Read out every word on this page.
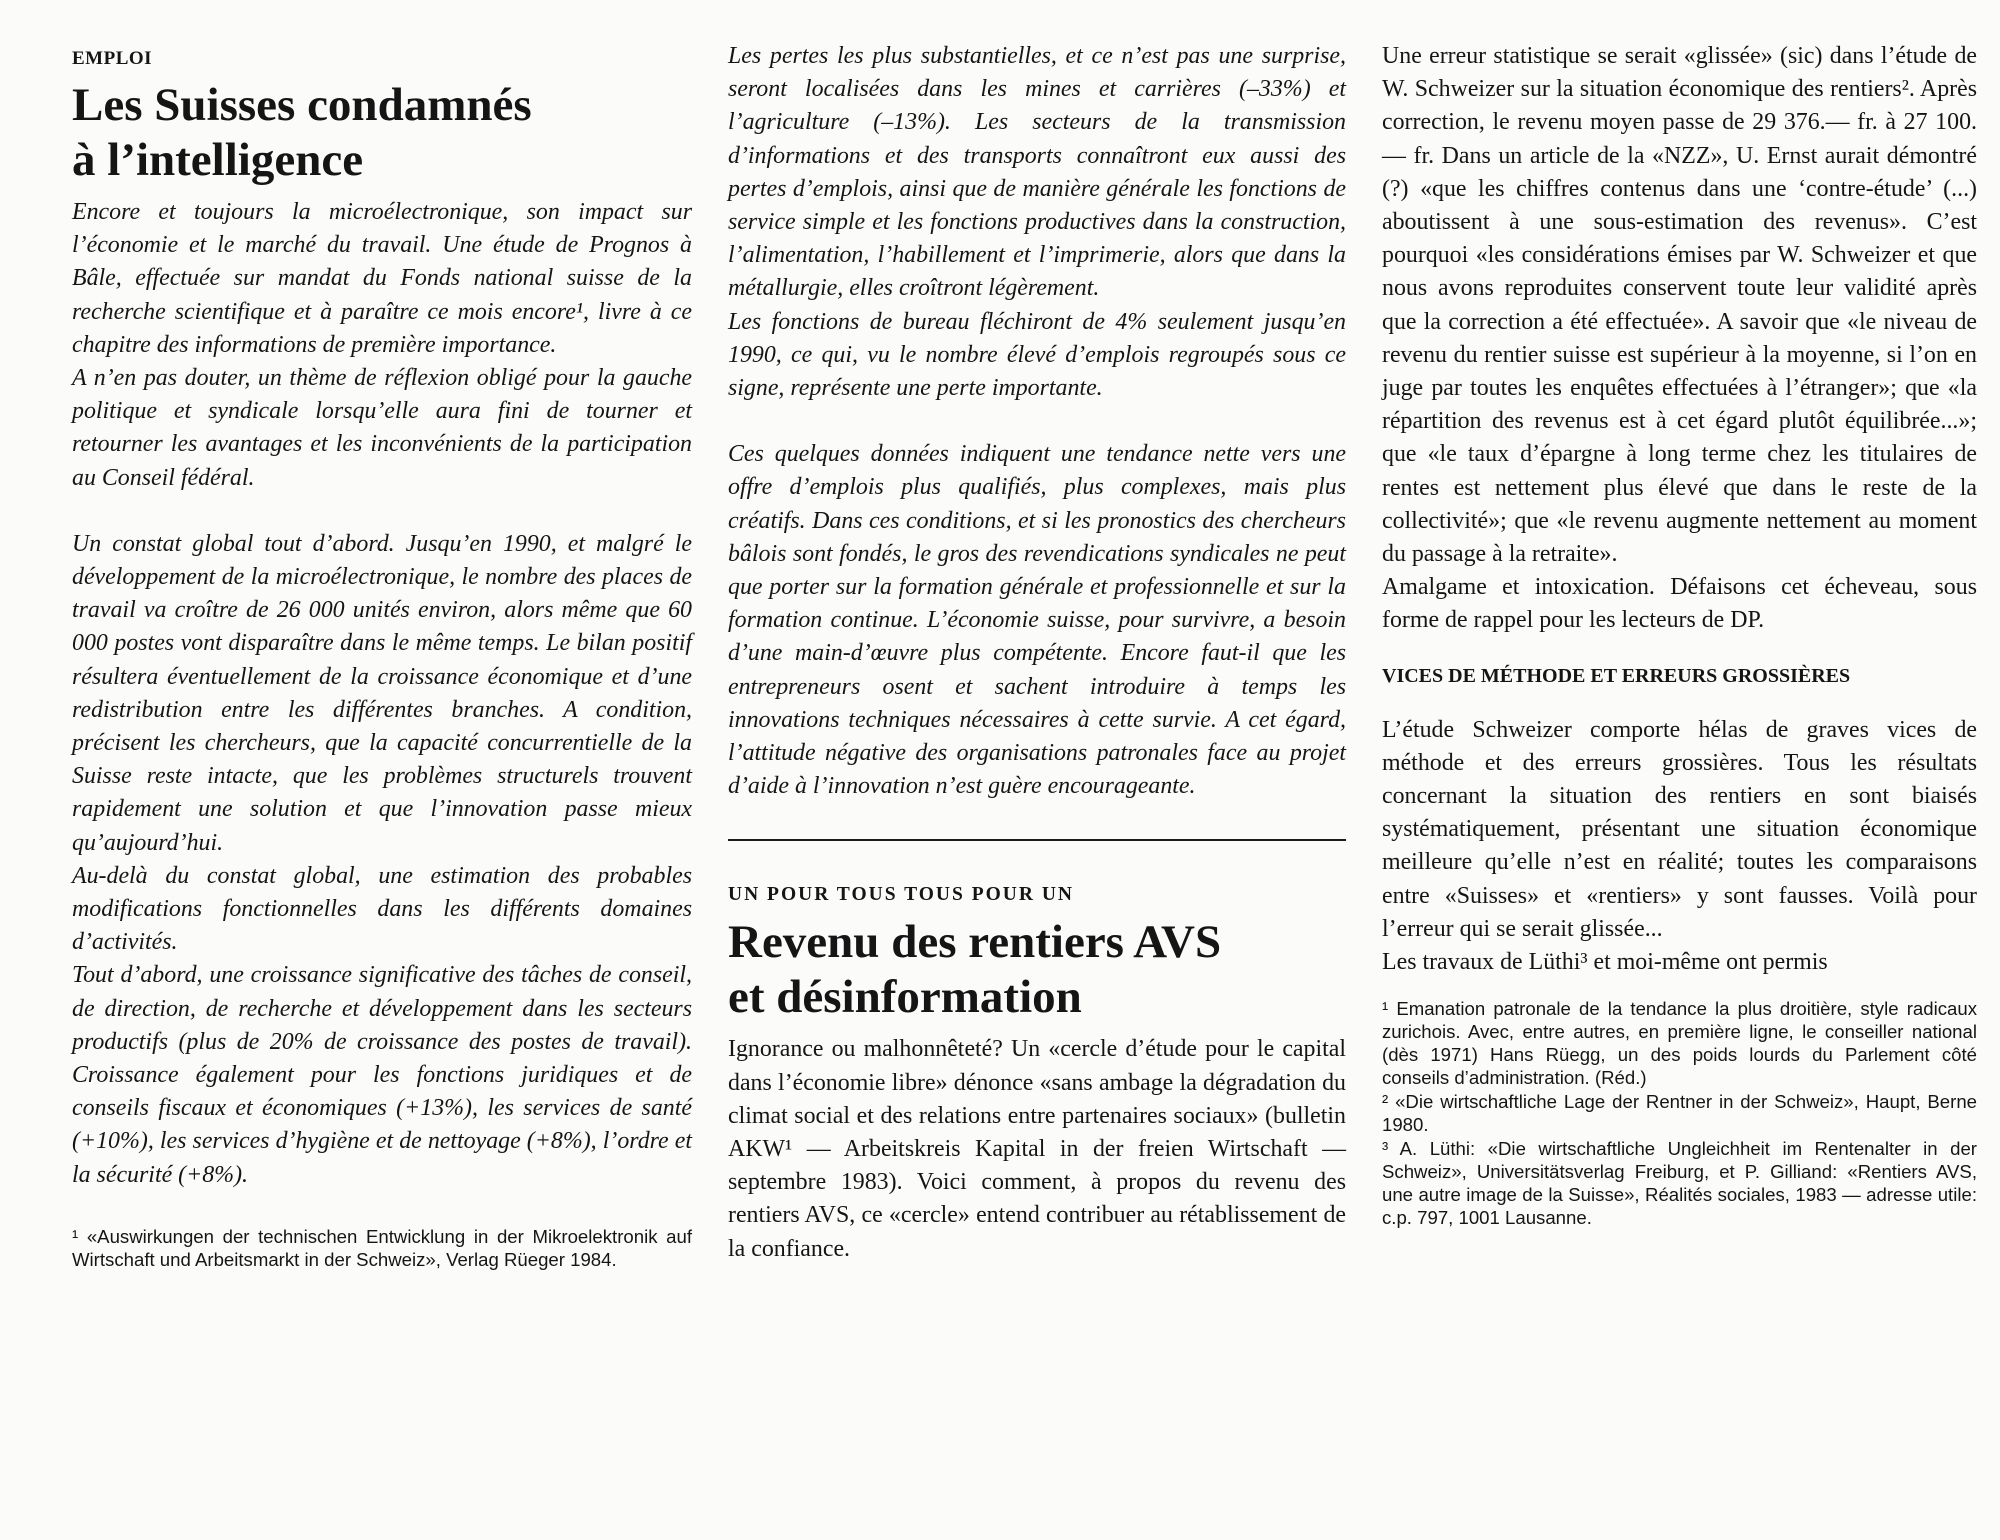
EMPLOI
Les Suisses condamnés
à l’intelligence

Encore et toujours la microélectronique, son impact sur l’économie et le marché du travail. Une étude de Prognos à Bâle, effectuée sur mandat du Fonds national suisse de la recherche scientifique et à paraître ce mois encore¹, livre à ce chapitre des informations de première importance.

A n’en pas douter, un thème de réflexion obligé pour la gauche politique et syndicale lorsqu’elle aura fini de tourner et retourner les avantages et les inconvénients de la participation au Conseil fédéral.

Un constat global tout d’abord. Jusqu’en 1990, et malgré le développement de la microélectronique, le nombre des places de travail va croître de 26 000 unités environ, alors même que 60 000 postes vont disparaître dans le même temps. Le bilan positif résultera éventuellement de la croissance économique et d’une redistribution entre les différentes branches. A condition, précisent les chercheurs, que la capacité concurrentielle de la Suisse reste intacte, que les problèmes structurels trouvent rapidement une solution et que l’innovation passe mieux qu’aujourd’hui.

Au-delà du constat global, une estimation des probables modifications fonctionnelles dans les différents domaines d’activités.

Tout d’abord, une croissance significative des tâches de conseil, de direction, de recherche et développement dans les secteurs productifs (plus de 20% de croissance des postes de travail). Croissance également pour les fonctions juridiques et de conseils fiscaux et économiques (+13%), les services de santé (+10%), les services d’hygiène et de nettoyage (+8%), l’ordre et la sécurité (+8%).

¹ «Auswirkungen der technischen Entwicklung in der Mikroelektronik auf Wirtschaft und Arbeitsmarkt in der Schweiz», Verlag Rüeger 1984.

Les pertes les plus substantielles, et ce n’est pas une surprise, seront localisées dans les mines et carrières (–33%) et l’agriculture (–13%). Les secteurs de la transmission d’informations et des transports connaîtront eux aussi des pertes d’emplois, ainsi que de manière générale les fonctions de service simple et les fonctions productives dans la construction, l’alimentation, l’habillement et l’imprimerie, alors que dans la métallurgie, elles croîtront légèrement.

Les fonctions de bureau fléchiront de 4% seulement jusqu’en 1990, ce qui, vu le nombre élevé d’emplois regroupés sous ce signe, représente une perte importante.

Ces quelques données indiquent une tendance nette vers une offre d’emplois plus qualifiés, plus complexes, mais plus créatifs. Dans ces conditions, et si les pronostics des chercheurs bâlois sont fondés, le gros des revendications syndicales ne peut que porter sur la formation générale et professionnelle et sur la formation continue. L’économie suisse, pour survivre, a besoin d’une main-d’œuvre plus compétente. Encore faut-il que les entrepreneurs osent et sachent introduire à temps les innovations techniques nécessaires à cette survie. A cet égard, l’attitude négative des organisations patronales face au projet d’aide à l’innovation n’est guère encourageante.

UN POUR TOUS TOUS POUR UN
Revenu des rentiers AVS
et désinformation

Ignorance ou malhonnêteté? Un «cercle d’étude pour le capital dans l’économie libre» dénonce «sans ambage la dégradation du climat social et des relations entre partenaires sociaux» (bulletin AKW¹ — Arbeitskreis Kapital in der freien Wirtschaft — septembre 1983). Voici comment, à propos du revenu des rentiers AVS, ce «cercle» entend contribuer au rétablissement de la confiance.

Une erreur statistique se serait «glissée» (sic) dans l’étude de W. Schweizer sur la situation économique des rentiers². Après correction, le revenu moyen passe de 29 376.— fr. à 27 100.— fr. Dans un article de la «NZZ», U. Ernst aurait démontré (?) «que les chiffres contenus dans une ‘contre-étude’ (...) aboutissent à une sous-estimation des revenus». C’est pourquoi «les considérations émises par W. Schweizer et que nous avons reproduites conservent toute leur validité après que la correction a été effectuée». A savoir que «le niveau de revenu du rentier suisse est supérieur à la moyenne, si l’on en juge par toutes les enquêtes effectuées à l’étranger»; que «la répartition des revenus est à cet égard plutôt équilibrée...»; que «le taux d’épargne à long terme chez les titulaires de rentes est nettement plus élevé que dans le reste de la collectivité»; que «le revenu augmente nettement au moment du passage à la retraite».

Amalgame et intoxication. Défaisons cet écheveau, sous forme de rappel pour les lecteurs de DP.

VICES DE MÉTHODE ET ERREURS GROSSIÈRES

L’étude Schweizer comporte hélas de graves vices de méthode et des erreurs grossières. Tous les résultats concernant la situation des rentiers en sont biaisés systématiquement, présentant une situation économique meilleure qu’elle n’est en réalité; toutes les comparaisons entre «Suisses» et «rentiers» y sont fausses. Voilà pour l’erreur qui se serait glissée...

Les travaux de Lüthi³ et moi-même ont permis

¹ Emanation patronale de la tendance la plus droitière, style radicaux zurichois. Avec, entre autres, en première ligne, le conseiller national (dès 1971) Hans Rüegg, un des poids lourds du Parlement côté conseils d’administration. (Réd.)

² «Die wirtschaftliche Lage der Rentner in der Schweiz», Haupt, Berne 1980.

³ A. Lüthi: «Die wirtschaftliche Ungleichheit im Rentenalter in der Schweiz», Universitätsverlag Freiburg, et P. Gilliand: «Rentiers AVS, une autre image de la Suisse», Réalités sociales, 1983 — adresse utile: c.p. 797, 1001 Lausanne.
